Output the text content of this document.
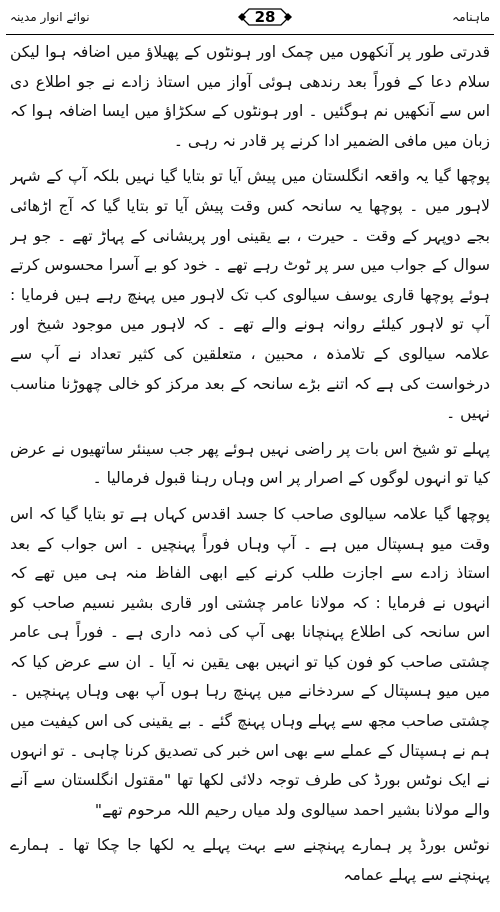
ماہنامہ
28
نوائے انوار مدینہ

قدرتی طور پر آنکھوں میں چمک اور ہونٹوں کے پھیلاؤ میں اضافہ ہوا لیکن سلام دعا کے فوراً بعد رندھی ہوئی آواز میں استاذ زادے نے جو اطلاع دی اس سے آنکھیں نم ہوگئیں ۔ اور ہونٹوں کے سکڑاؤ میں ایسا اضافہ ہوا کہ زبان میں مافی الضمیر ادا کرنے پر قادر نہ رہی ۔

پوچھا گیا یہ واقعہ انگلستان میں پیش آیا تو بتایا گیا نہیں بلکہ آپ کے شہر لاہور میں ۔ پوچھا یہ سانحہ کس وقت پیش آیا تو بتایا گیا کہ آج اڑھائی بجے دوپہر کے وقت ۔ حیرت ، بے یقینی اور پریشانی کے پہاڑ تھے ۔ جو ہر سوال کے جواب میں سر پر ٹوٹ رہے تھے ۔ خود کو بے آسرا محسوس کرتے ہوئے پوچھا قاری یوسف سیالوی کب تک لاہور میں پہنچ رہے ہیں فرمایا : آپ تو لاہور کیلئے روانہ ہونے والے تھے ۔ کہ لاہور میں موجود شیخ اور علامہ سیالوی کے تلامذہ ، محبین ، متعلقین کی کثیر تعداد نے آپ سے درخواست کی ہے کہ اتنے بڑے سانحہ کے بعد مرکز کو خالی چھوڑنا مناسب نہیں ۔

پہلے تو شیخ اس بات پر راضی نہیں ہوئے پھر جب سینئر ساتھیوں نے عرض کیا تو انہوں لوگوں کے اصرار پر اس وہاں رہنا قبول فرمالیا ۔

پوچھا گیا علامہ سیالوی صاحب کا جسد اقدس کہاں ہے تو بتایا گیا کہ اس وقت میو ہسپتال میں ہے ۔ آپ وہاں فوراً پہنچیں ۔ اس جواب کے بعد استاذ زادے سے اجازت طلب کرنے کیے ابھی الفاظ منہ ہی میں تھے کہ انہوں نے فرمایا : کہ مولانا عامر چشتی اور قاری بشیر نسیم صاحب کو اس سانحہ کی اطلاع پہنچانا بھی آپ کی ذمہ داری ہے ۔ فوراً ہی عامر چشتی صاحب کو فون کیا تو انہیں بھی یقین نہ آیا ۔ ان سے عرض کیا کہ میں میو ہسپتال کے سردخانے میں پہنچ رہا ہوں آپ بھی وہاں پہنچیں ۔ چشتی صاحب مجھ سے پہلے وہاں پہنچ گئے ۔ بے یقینی کی اس کیفیت میں ہم نے ہسپتال کے عملے سے بھی اس خبر کی تصدیق کرنا چاہی ۔ تو انہوں نے ایک نوٹس بورڈ کی طرف توجہ دلائی لکھا تھا "مقتول انگلستان سے آنے والے مولانا بشیر احمد سیالوی ولد میاں رحیم اللہ مرحوم تھے"

نوٹس بورڈ پر ہمارے پہنچنے سے بہت پہلے یہ لکھا جا چکا تھا ۔ ہمارے پہنچنے سے پہلے عمامہ
